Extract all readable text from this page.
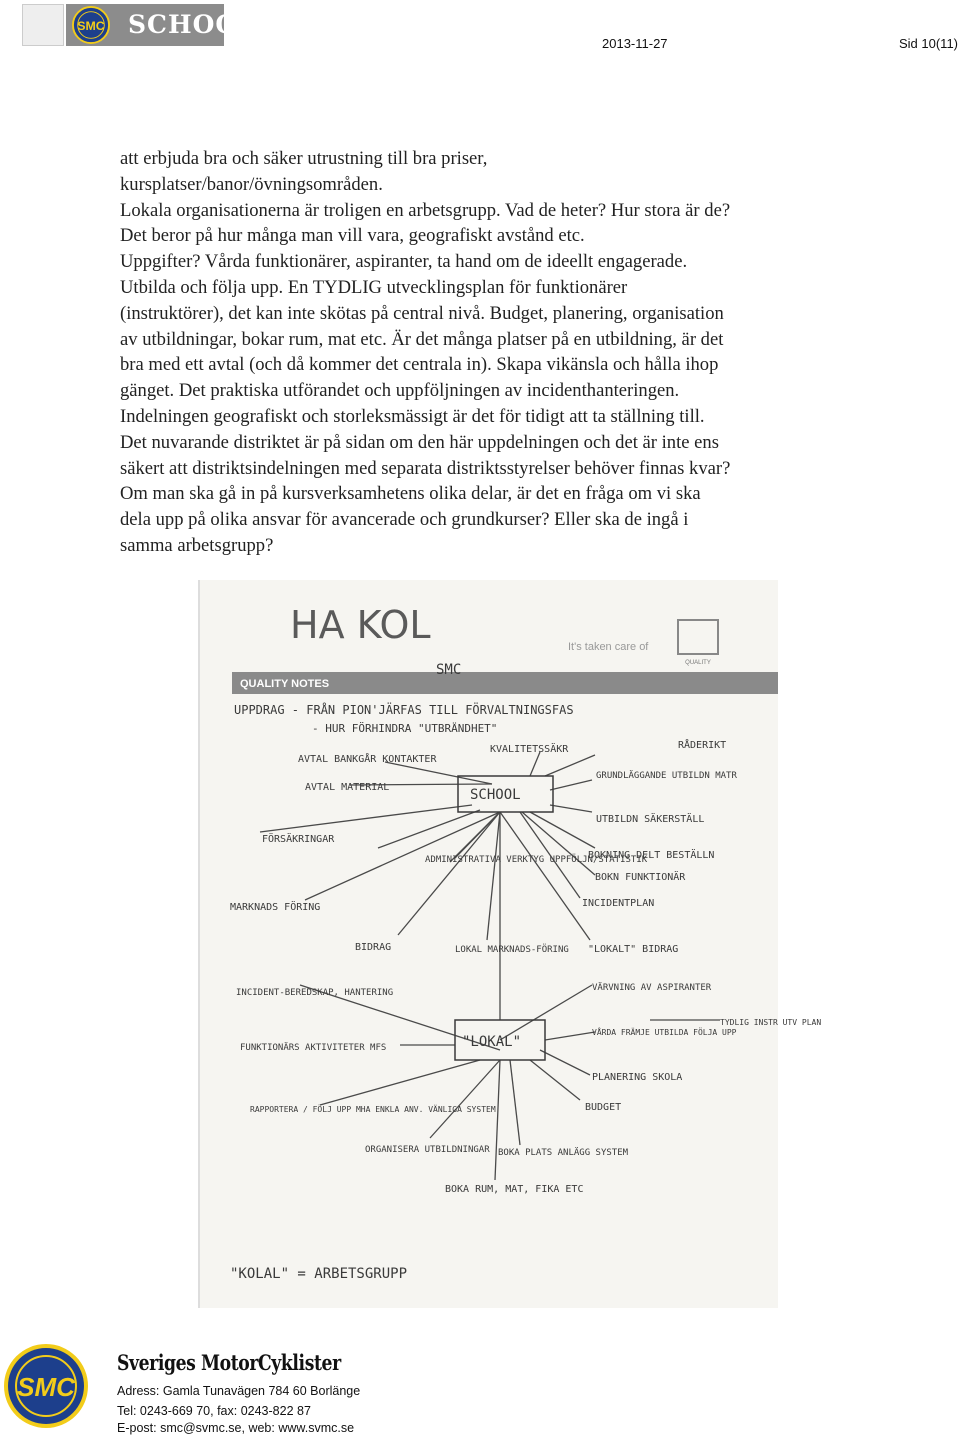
SMC SCHOOL
2013-11-27	Sid 10(11)
att erbjuda bra och säker utrustning till bra priser,
kursplatser/banor/övningsområden.
Lokala organisationerna är troligen en arbetsgrupp. Vad de heter? Hur stora är de?
Det beror på hur många man vill vara, geografiskt avstånd etc.
Uppgifter? Vårda funktionärer, aspiranter, ta hand om de ideellt engagerade.
Utbilda och följa upp. En TYDLIG utvecklingsplan för funktionärer
(instruktörer), det kan inte skötas på central nivå. Budget, planering, organisation
av utbildningar, bokar rum, mat etc. Är det många platser på en utbildning, är det
bra med ett avtal (och då kommer det centrala in). Skapa vikänsla och hålla ihop
gänget. Det praktiska utförandet och uppföljningen av incidenthanteringen.
Indelningen geografiskt och storleksmässigt är det för tidigt att ta ställning till.
Det nuvarande distriktet är på sidan om den här uppdelningen och det är inte ens
säkert att distriktsindelningen med separata distriktsstyrelser behöver finnas kvar?
Om man ska gå in på kursverksamhetens olika delar, är det en fråga om vi ska
dela upp på olika ansvar för avancerade och grundkurser? Eller ska de ingå i
samma arbetsgrupp?
QUALITY NOTES
It's taken care of
QUALITY
HA KOL
SMC
UPPDRAG - FRÅN PION'JÄRFAS TILL FÖRVALTNINGSFAS
- HUR FÖRHINDRA "UTBRÄNDHET"
SCHOOL
"LOKAL"
AVTAL BANKGÅR KONTAKTER
AVTAL MATERIAL
KVALITETSSÄKR	RÅDERIKT
GRUNDLÄGGANDE UTBILDN MATR
UTBILDN SÄKERSTÄLL
FÖRSÄKRINGAR
ADMINISTRATIVA VERKTYG UPPFÖLJN/STATISTIK
BOKNING DELT BESTÄLLN
BOKN FUNKTIONÄR
INCIDENTPLAN
MARKNADS FÖRING
BIDRAG	LOKAL MARKNADS-FÖRING "LOKALT" BIDRAG
INCIDENT-BEREDSKAP, HANTERING	VÄRVNING AV ASPIRANTER
FUNKTIONÄRS AKTIVITETER MFS
VÅRDA FRÄMJE UTBILDA FÖLJA UPP
TYDLIG INSTR UTV PLAN
PLANERING SKOLA
BUDGET
RAPPORTERA / FÖLJ UPP MHA ENKLA ANV. VÄNLIGA SYSTEM
ORGANISERA UTBILDNINGAR BOKA PLATS ANLÄGG SYSTEM
BOKA RUM, MAT, FIKA ETC
"KOLAL" = ARBETSGRUPP
SMC
Sveriges MotorCyklister
Adress: Gamla Tunavägen 784 60 Borlänge
Tel: 0243-669 70, fax: 0243-822 87
E-post: smc@svmc.se, web: www.svmc.se
